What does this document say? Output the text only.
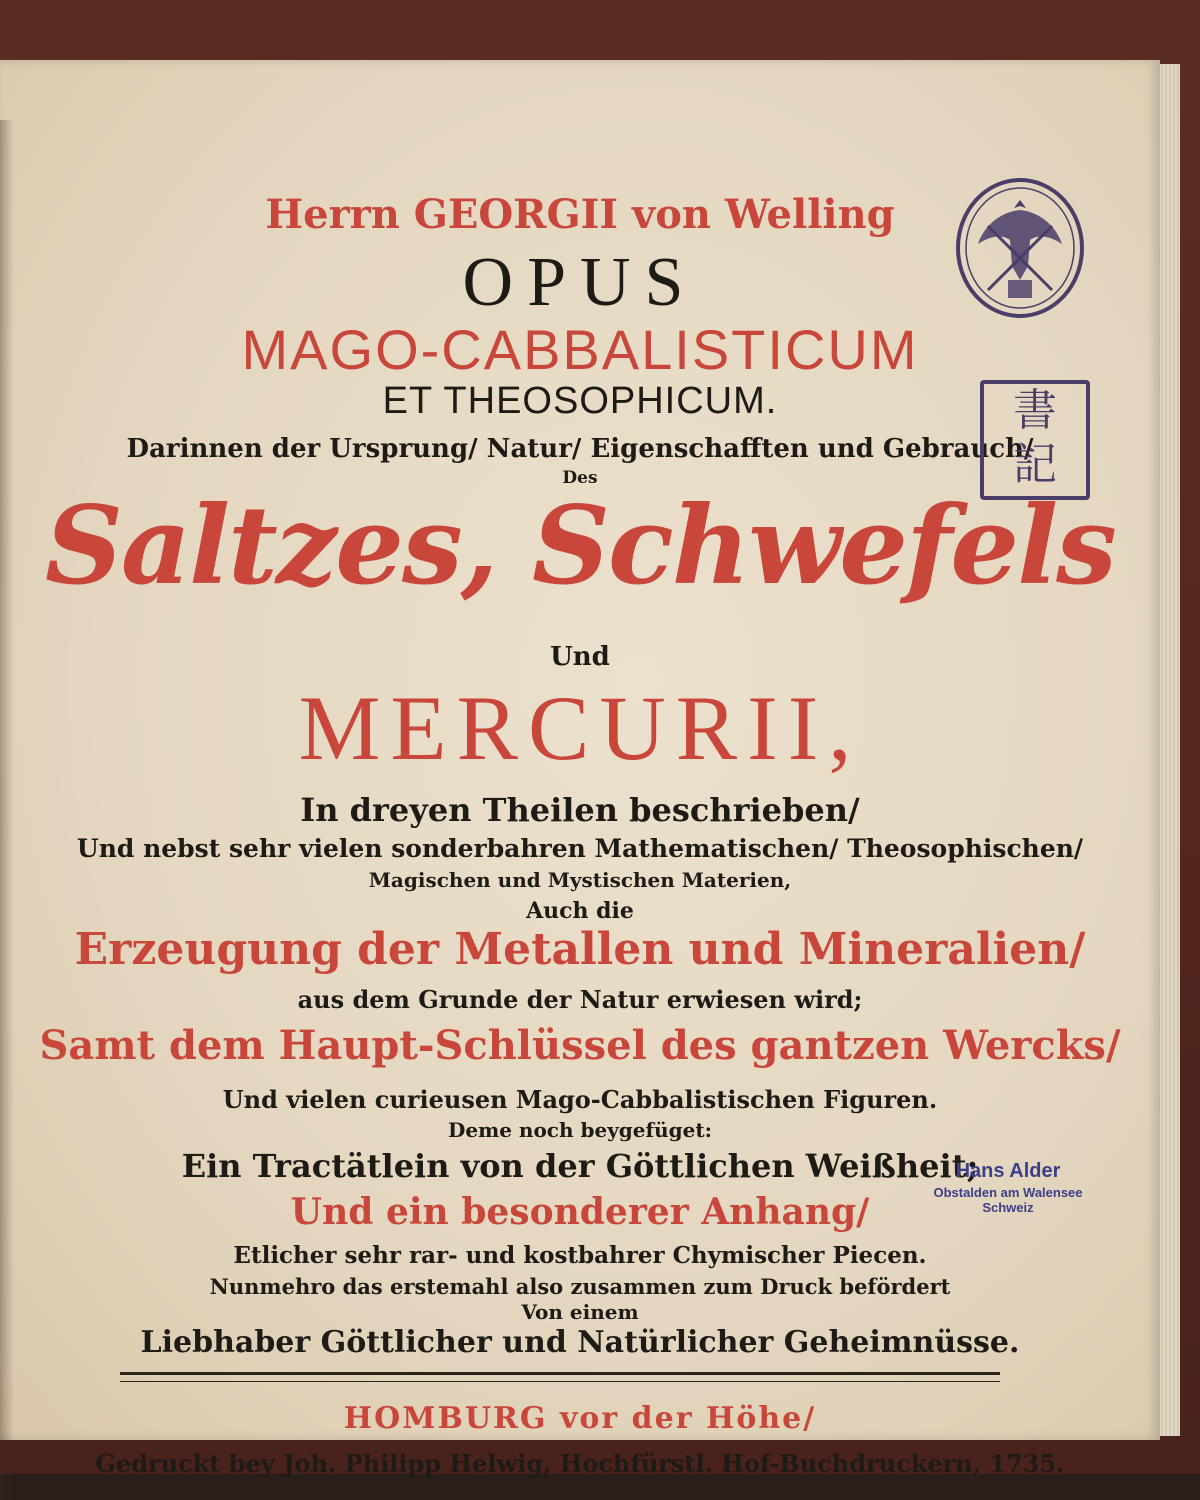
Herrn GEORGII von Welling
OPUS
MAGO-CABBALISTICUM
ET THEOSOPHICUM.
Darinnen der Ursprung/ Natur/ Eigenschafften und Gebrauch/
Des
Saltzes, Schwefels
Und
MERCURII,
In dreyen Theilen beschrieben/
Und nebst sehr vielen sonderbahren Mathematischen/ Theosophischen/
Magischen und Mystischen Materien,
Auch die
Erzeugung der Metallen und Mineralien/
aus dem Grunde der Natur erwiesen wird;
Samt dem Haupt-Schlüssel des gantzen Wercks/
Und vielen curieusen Mago-Cabbalistischen Figuren.
Deme noch beygefüget:
Ein Tractätlein von der Göttlichen Weißheit;
Und ein besonderer Anhang/
Etlicher sehr rar- und kostbahrer Chymischer Piecen.
Nunmehro das erstemahl also zusammen zum Druck befördert
Von einem
Liebhaber Göttlicher und Natürlicher Geheimnüsse.
HOMBURG vor der Höhe/
Gedruckt bey Joh. Philipp Helwig, Hochfürstl. Hof-Buchdruckern, 1735.
書
記
Hans Alder
Obstalden am Walensee
Schweiz
